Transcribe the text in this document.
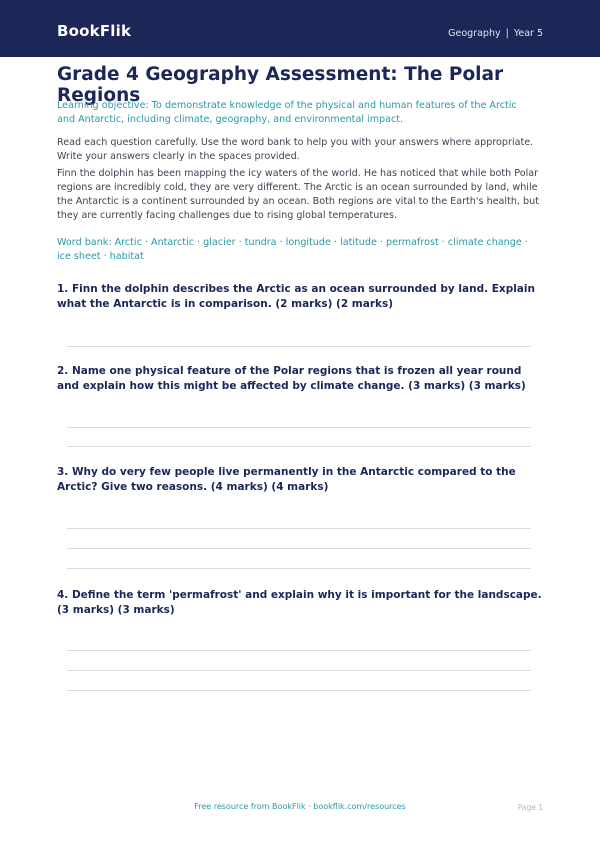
BookFlik	Geography | Year 5
Grade 4 Geography Assessment: The Polar Regions
Learning objective: To demonstrate knowledge of the physical and human features of the Arctic and Antarctic, including climate, geography, and environmental impact.
Read each question carefully. Use the word bank to help you with your answers where appropriate. Write your answers clearly in the spaces provided.
Finn the dolphin has been mapping the icy waters of the world. He has noticed that while both Polar regions are incredibly cold, they are very different. The Arctic is an ocean surrounded by land, while the Antarctic is a continent surrounded by an ocean. Both regions are vital to the Earth's health, but they are currently facing challenges due to rising global temperatures.
Word bank: Arctic · Antarctic · glacier · tundra · longitude · latitude · permafrost · climate change · ice sheet · habitat
1. Finn the dolphin describes the Arctic as an ocean surrounded by land. Explain what the Antarctic is in comparison. (2 marks) (2 marks)
2. Name one physical feature of the Polar regions that is frozen all year round and explain how this might be affected by climate change. (3 marks) (3 marks)
3. Why do very few people live permanently in the Antarctic compared to the Arctic? Give two reasons. (4 marks) (4 marks)
4. Define the term 'permafrost' and explain why it is important for the landscape. (3 marks) (3 marks)
Free resource from BookFlik · bookflik.com/resources	Page 1
